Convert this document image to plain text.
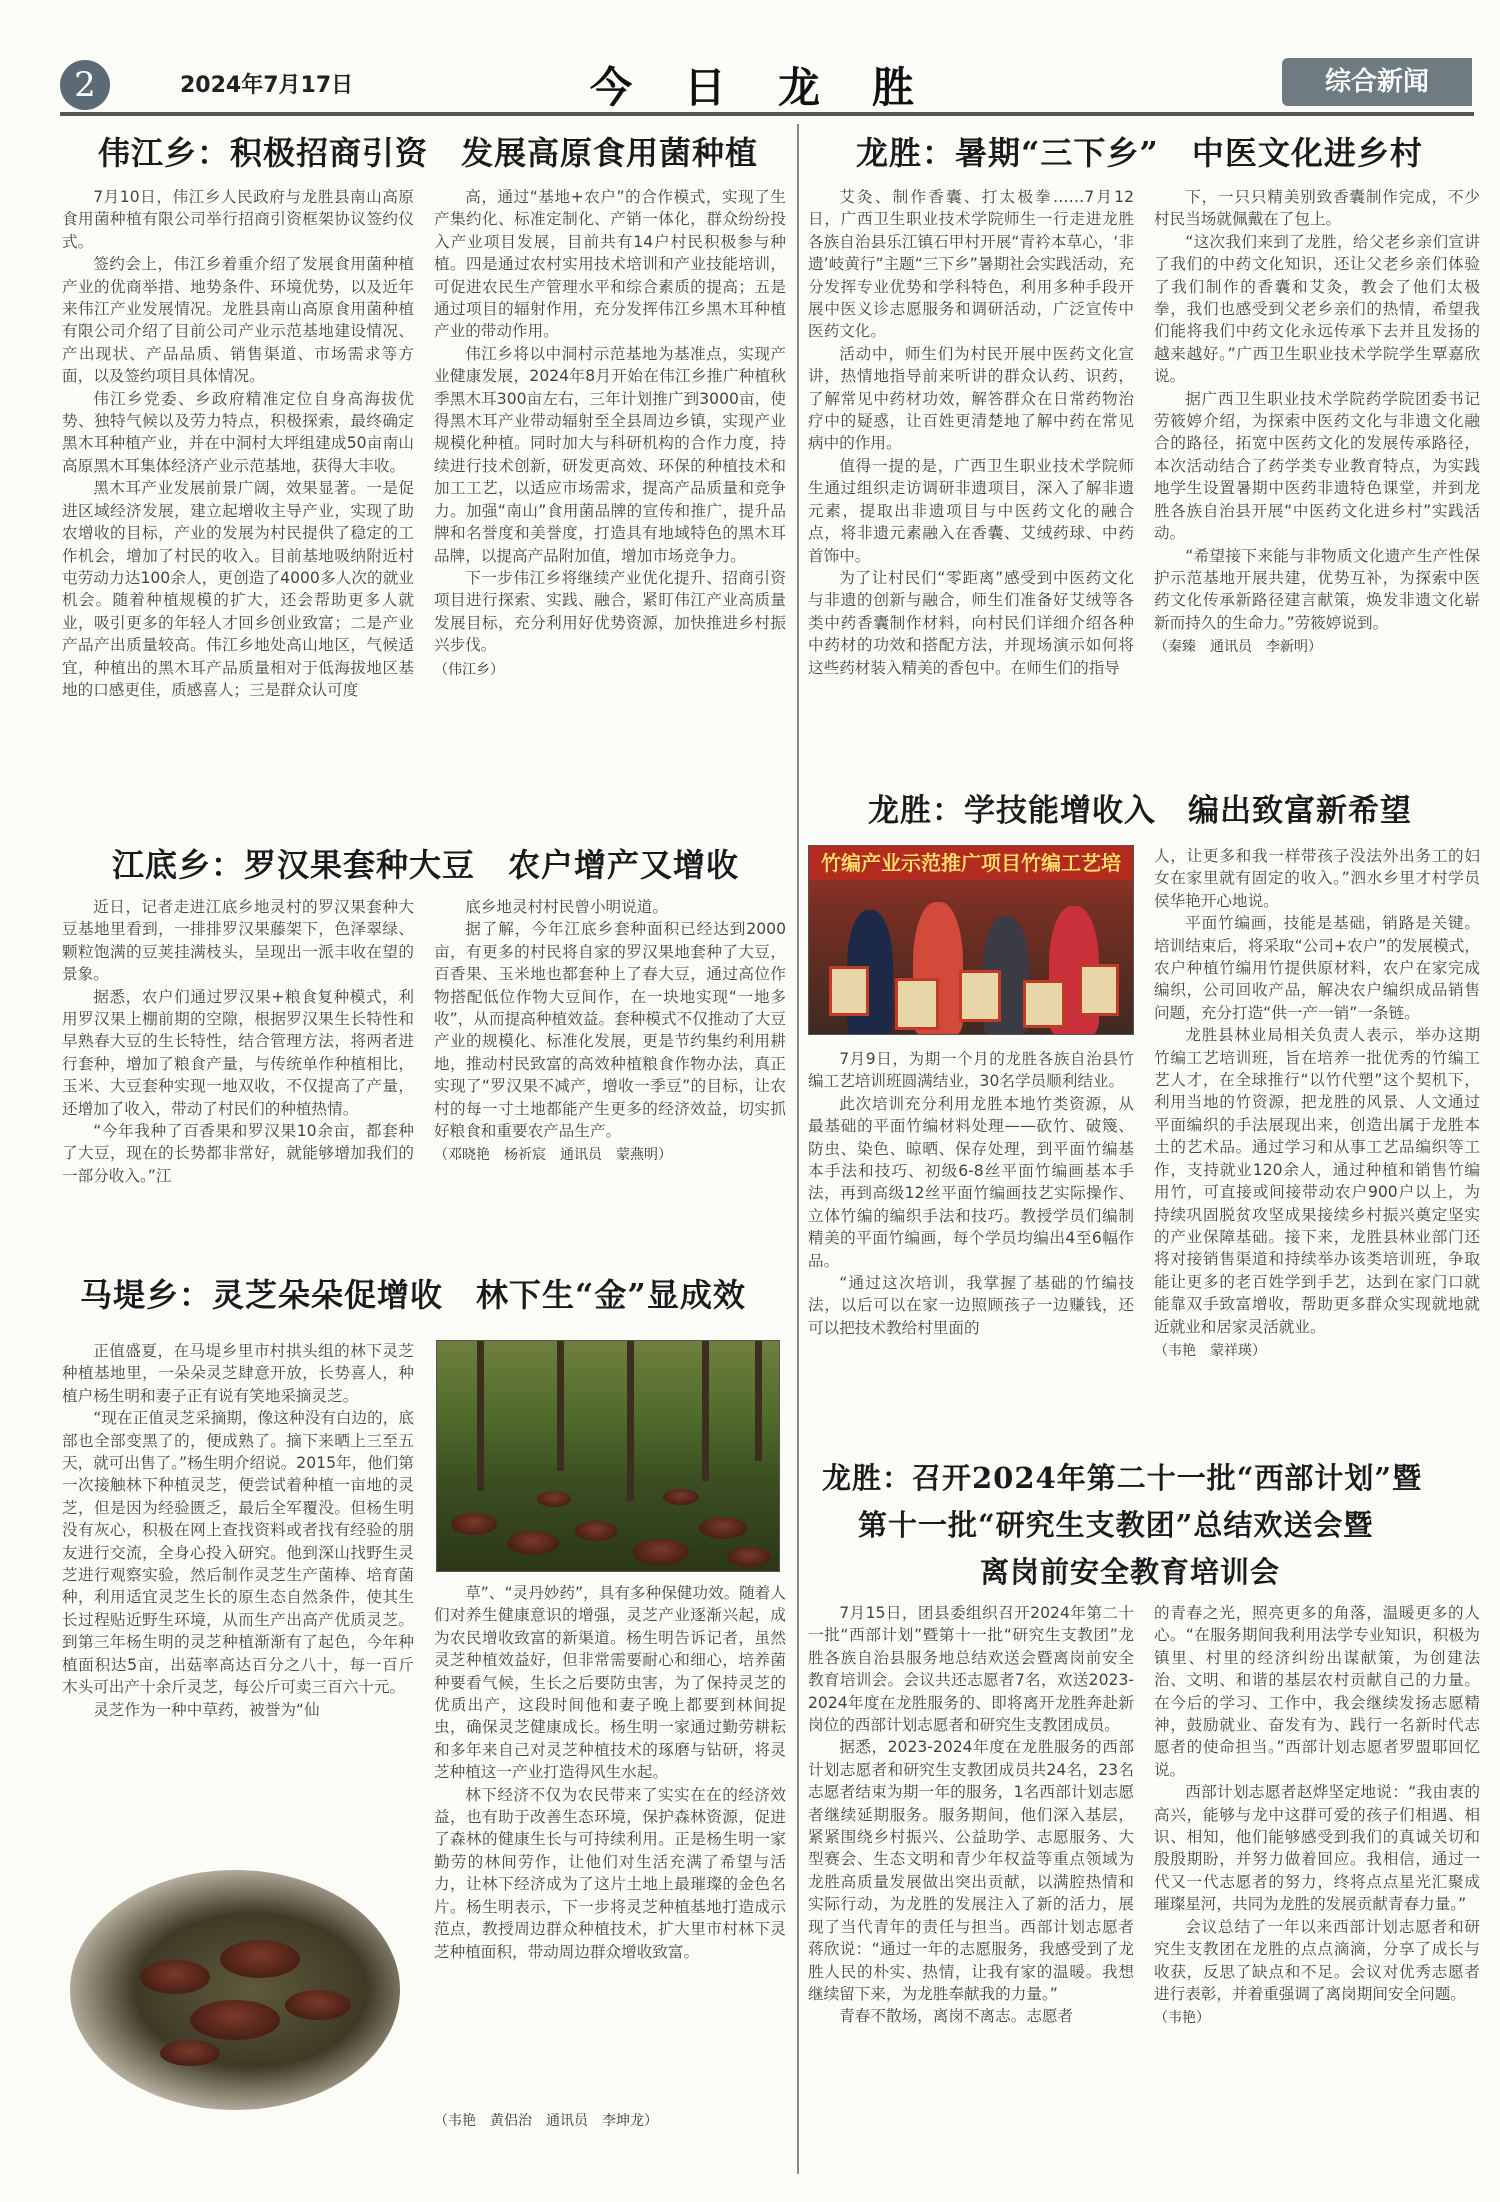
2	2024年7月17日	今日龙胜	综合新闻
伟江乡：积极招商引资　发展高原食用菌种植

7月10日，伟江乡人民政府与龙胜县南山高原食用菌种植有限公司举行招商引资框架协议签约仪式。

签约会上，伟江乡着重介绍了发展食用菌种植产业的优商举措、地势条件、环境优势，以及近年来伟江产业发展情况。龙胜县南山高原食用菌种植有限公司介绍了目前公司产业示范基地建设情况、产出现状、产品品质、销售渠道、市场需求等方面，以及签约项目具体情况。

伟江乡党委、乡政府精准定位自身高海拔优势、独特气候以及劳力特点，积极探索，最终确定黑木耳种植产业，并在中洞村大坪组建成50亩南山高原黑木耳集体经济产业示范基地，获得大丰收。

黑木耳产业发展前景广阔，效果显著。一是促进区域经济发展，建立起增收主导产业，实现了助农增收的目标，产业的发展为村民提供了稳定的工作机会，增加了村民的收入。目前基地吸纳附近村屯劳动力达100余人，更创造了4000多人次的就业机会。随着种植规模的扩大，还会帮助更多人就业，吸引更多的年轻人才回乡创业致富；二是产业产品产出质量较高。伟江乡地处高山地区，气候适宜，种植出的黑木耳产品质量相对于低海拔地区基地的口感更佳，质感喜人；三是群众认可度

高，通过“基地+农户”的合作模式，实现了生产集约化、标准定制化、产销一体化，群众纷纷投入产业项目发展，目前共有14户村民积极参与种植。四是通过农村实用技术培训和产业技能培训，可促进农民生产管理水平和综合素质的提高；五是通过项目的辐射作用，充分发挥伟江乡黑木耳种植产业的带动作用。

伟江乡将以中洞村示范基地为基准点，实现产业健康发展，2024年8月开始在伟江乡推广种植秋季黑木耳300亩左右，三年计划推广到3000亩，使得黑木耳产业带动辐射至全县周边乡镇，实现产业规模化种植。同时加大与科研机构的合作力度，持续进行技术创新，研发更高效、环保的种植技术和加工工艺，以适应市场需求，提高产品质量和竞争力。加强“南山”食用菌品牌的宣传和推广，提升品牌和名誉度和美誉度，打造具有地域特色的黑木耳品牌，以提高产品附加值，增加市场竞争力。

下一步伟江乡将继续产业优化提升、招商引资项目进行探索、实践、融合，紧盯伟江产业高质量发展目标，充分利用好优势资源，加快推进乡村振兴步伐。

（伟江乡）
江底乡：罗汉果套种大豆　农户增产又增收

近日，记者走进江底乡地灵村的罗汉果套种大豆基地里看到，一排排罗汉果藤架下，色泽翠绿、颗粒饱满的豆荚挂满枝头，呈现出一派丰收在望的景象。

据悉，农户们通过罗汉果+粮食复种模式，利用罗汉果上棚前期的空隙，根据罗汉果生长特性和早熟春大豆的生长特性，结合管理方法，将两者进行套种，增加了粮食产量，与传统单作种植相比，玉米、大豆套种实现一地双收，不仅提高了产量，还增加了收入，带动了村民们的种植热情。

“今年我种了百香果和罗汉果10余亩，都套种了大豆，现在的长势都非常好，就能够增加我们的一部分收入。”江

底乡地灵村村民曾小明说道。

据了解，今年江底乡套种面积已经达到2000亩，有更多的村民将自家的罗汉果地套种了大豆，百香果、玉米地也都套种上了春大豆，通过高位作物搭配低位作物大豆间作，在一块地实现“一地多收”，从而提高种植效益。套种模式不仅推动了大豆产业的规模化、标准化发展，更是节约集约利用耕地，推动村民致富的高效种植粮食作物办法，真正实现了“罗汉果不减产，增收一季豆”的目标，让农村的每一寸土地都能产生更多的经济效益，切实抓好粮食和重要农产品生产。

（邓晓艳　杨祈宸　通讯员　蒙燕明）
马堤乡：灵芝朵朵促增收　林下生“金”显成效

正值盛夏，在马堤乡里市村拱头组的林下灵芝种植基地里，一朵朵灵芝肆意开放，长势喜人，种植户杨生明和妻子正有说有笑地采摘灵芝。

“现在正值灵芝采摘期，像这种没有白边的，底部也全部变黑了的，便成熟了。摘下来晒上三至五天，就可出售了。”杨生明介绍说。2015年，他们第一次接触林下种植灵芝，便尝试着种植一亩地的灵芝，但是因为经验匮乏，最后全军覆没。但杨生明没有灰心，积极在网上查找资料或者找有经验的朋友进行交流，全身心投入研究。他到深山找野生灵芝进行观察实验，然后制作灵芝生产菌棒、培育菌种，利用适宜灵芝生长的原生态自然条件，使其生长过程贴近野生环境，从而生产出高产优质灵芝。到第三年杨生明的灵芝种植渐渐有了起色，今年种植面积达5亩，出菇率高达百分之八十，每一百斤木头可出产十余斤灵芝，每公斤可卖三百六十元。

灵芝作为一种中草药，被誉为“仙

草”、“灵丹妙药”，具有多种保健功效。随着人们对养生健康意识的增强，灵芝产业逐渐兴起，成为农民增收致富的新渠道。杨生明告诉记者，虽然灵芝种植效益好，但非常需要耐心和细心，培养菌种要看气候，生长之后要防虫害，为了保持灵芝的优质出产，这段时间他和妻子晚上都要到林间捉虫，确保灵芝健康成长。杨生明一家通过勤劳耕耘和多年来自己对灵芝种植技术的琢磨与钻研，将灵芝种植这一产业打造得风生水起。

林下经济不仅为农民带来了实实在在的经济效益，也有助于改善生态环境，保护森林资源，促进了森林的健康生长与可持续利用。正是杨生明一家勤劳的林间劳作，让他们对生活充满了希望与活力，让林下经济成为了这片土地上最璀璨的金色名片。杨生明表示，下一步将灵芝种植基地打造成示范点，教授周边群众种植技术，扩大里市村林下灵芝种植面积，带动周边群众增收致富。

（韦艳　黄侣治　通讯员　李坤龙）
龙胜：暑期“三下乡”　中医文化进乡村

艾灸、制作香囊、打太极拳……7月12日，广西卫生职业技术学院师生一行走进龙胜各族自治县乐江镇石甲村开展“青衿本草心，‘非遗’岐黄行”主题“三下乡”暑期社会实践活动，充分发挥专业优势和学科特色，利用多种手段开展中医义诊志愿服务和调研活动，广泛宣传中医药文化。

活动中，师生们为村民开展中医药文化宣讲，热情地指导前来听讲的群众认药、识药，了解常见中药材功效，解答群众在日常药物治疗中的疑惑，让百姓更清楚地了解中药在常见病中的作用。

值得一提的是，广西卫生职业技术学院师生通过组织走访调研非遗项目，深入了解非遗元素，提取出非遗项目与中医药文化的融合点，将非遗元素融入在香囊、艾绒药球、中药首饰中。

为了让村民们“零距离”感受到中医药文化与非遗的创新与融合，师生们准备好艾绒等各类中药香囊制作材料，向村民们详细介绍各种中药材的功效和搭配方法，并现场演示如何将这些药材装入精美的香包中。在师生们的指导

下，一只只精美别致香囊制作完成，不少村民当场就佩戴在了包上。

“这次我们来到了龙胜，给父老乡亲们宣讲了我们的中药文化知识，还让父老乡亲们体验了我们制作的香囊和艾灸，教会了他们太极拳，我们也感受到父老乡亲们的热情，希望我们能将我们中药文化永远传承下去并且发扬的越来越好。”广西卫生职业技术学院学生覃嘉欣说。

据广西卫生职业技术学院药学院团委书记劳筱婷介绍，为探索中医药文化与非遗文化融合的路径，拓宽中医药文化的发展传承路径，本次活动结合了药学类专业教育特点，为实践地学生设置暑期中医药非遗特色课堂，并到龙胜各族自治县开展“中医药文化进乡村”实践活动。

“希望接下来能与非物质文化遗产生产性保护示范基地开展共建，优势互补，为探索中医药文化传承新路径建言献策，焕发非遗文化崭新而持久的生命力。”劳筱婷说到。

（秦臻　通讯员　李新明）
龙胜：学技能增收入　编出致富新希望
竹编产业示范推广项目竹编工艺培	人，让更多和我一样带孩子没法外出务工的妇女在家里就有固定的收入。”泗水乡里才村学员侯华艳开心地说。

平面竹编画，技能是基础，销路是关键。培训结束后，将采取“公司+农户”的发展模式，农户种植竹编用竹提供原材料，农户在家完成编织，公司回收产品，解决农户编织成品销售问题，充分打造“供一产一销”一条链。

龙胜县林业局相关负责人表示，举办这期竹编工艺培训班，旨在培养一批优秀的竹编工艺人才，在全球推行“以竹代塑”这个契机下，利用当地的竹资源，把龙胜的风景、人文通过平面编织的手法展现出来，创造出属于龙胜本土的艺术品。通过学习和从事工艺品编织等工作，支持就业120余人，通过种植和销售竹编用竹，可直接或间接带动农户900户以上，为持续巩固脱贫攻坚成果接续乡村振兴奠定坚实的产业保障基础。接下来，龙胜县林业部门还将对接销售渠道和持续举办该类培训班，争取能让更多的老百姓学到手艺，达到在家门口就能靠双手致富增收，帮助更多群众实现就地就近就业和居家灵活就业。

（韦艳　蒙祥瑛）

7月9日，为期一个月的龙胜各族自治县竹编工艺培训班圆满结业，30名学员顺利结业。

此次培训充分利用龙胜本地竹类资源，从最基础的平面竹编材料处理——砍竹、破篾、防虫、染色、晾晒、保存处理，到平面竹编基本手法和技巧、初级6-8丝平面竹编画基本手法，再到高级12丝平面竹编画技艺实际操作、立体竹编的编织手法和技巧。教授学员们编制精美的平面竹编画，每个学员均编出4至6幅作品。

“通过这次培训，我掌握了基础的竹编技法，以后可以在家一边照顾孩子一边赚钱，还可以把技术教给村里面的

龙胜：召开2024年第二十一批“西部计划”暨
第十一批“研究生支教团”总结欢送会暨
离岗前安全教育培训会

7月15日，团县委组织召开2024年第二十一批“西部计划”暨第十一批“研究生支教团”龙胜各族自治县服务地总结欢送会暨离岗前安全教育培训会。会议共还志愿者7名，欢送2023-2024年度在龙胜服务的、即将离开龙胜奔赴新岗位的西部计划志愿者和研究生支教团成员。

据悉，2023-2024年度在龙胜服务的西部计划志愿者和研究生支教团成员共24名，23名志愿者结束为期一年的服务，1名西部计划志愿者继续延期服务。服务期间，他们深入基层，紧紧围绕乡村振兴、公益助学、志愿服务、大型赛会、生态文明和青少年权益等重点领域为龙胜高质量发展做出突出贡献，以满腔热情和实际行动，为龙胜的发展注入了新的活力，展现了当代青年的责任与担当。西部计划志愿者蒋欣说：“通过一年的志愿服务，我感受到了龙胜人民的朴实、热情，让我有家的温暖。我想继续留下来，为龙胜奉献我的力量。”

青春不散场，离岗不离志。志愿者

的青春之光，照亮更多的角落，温暖更多的人心。“在服务期间我利用法学专业知识，积极为镇里、村里的经济纠纷出谋献策，为创建法治、文明、和谐的基层农村贡献自己的力量。在今后的学习、工作中，我会继续发扬志愿精神，鼓励就业、奋发有为、践行一名新时代志愿者的使命担当。”西部计划志愿者罗盟耶回忆说。

西部计划志愿者赵烨坚定地说：“我由衷的高兴，能够与龙中这群可爱的孩子们相遇、相识、相知，他们能够感受到我们的真诚关切和殷殷期盼，并努力做着回应。我相信，通过一代又一代志愿者的努力，终将点点星光汇聚成璀璨星河，共同为龙胜的发展贡献青春力量。”

会议总结了一年以来西部计划志愿者和研究生支教团在龙胜的点点滴滴，分享了成长与收获，反思了缺点和不足。会议对优秀志愿者进行表彰，并着重强调了离岗期间安全问题。

（韦艳）
